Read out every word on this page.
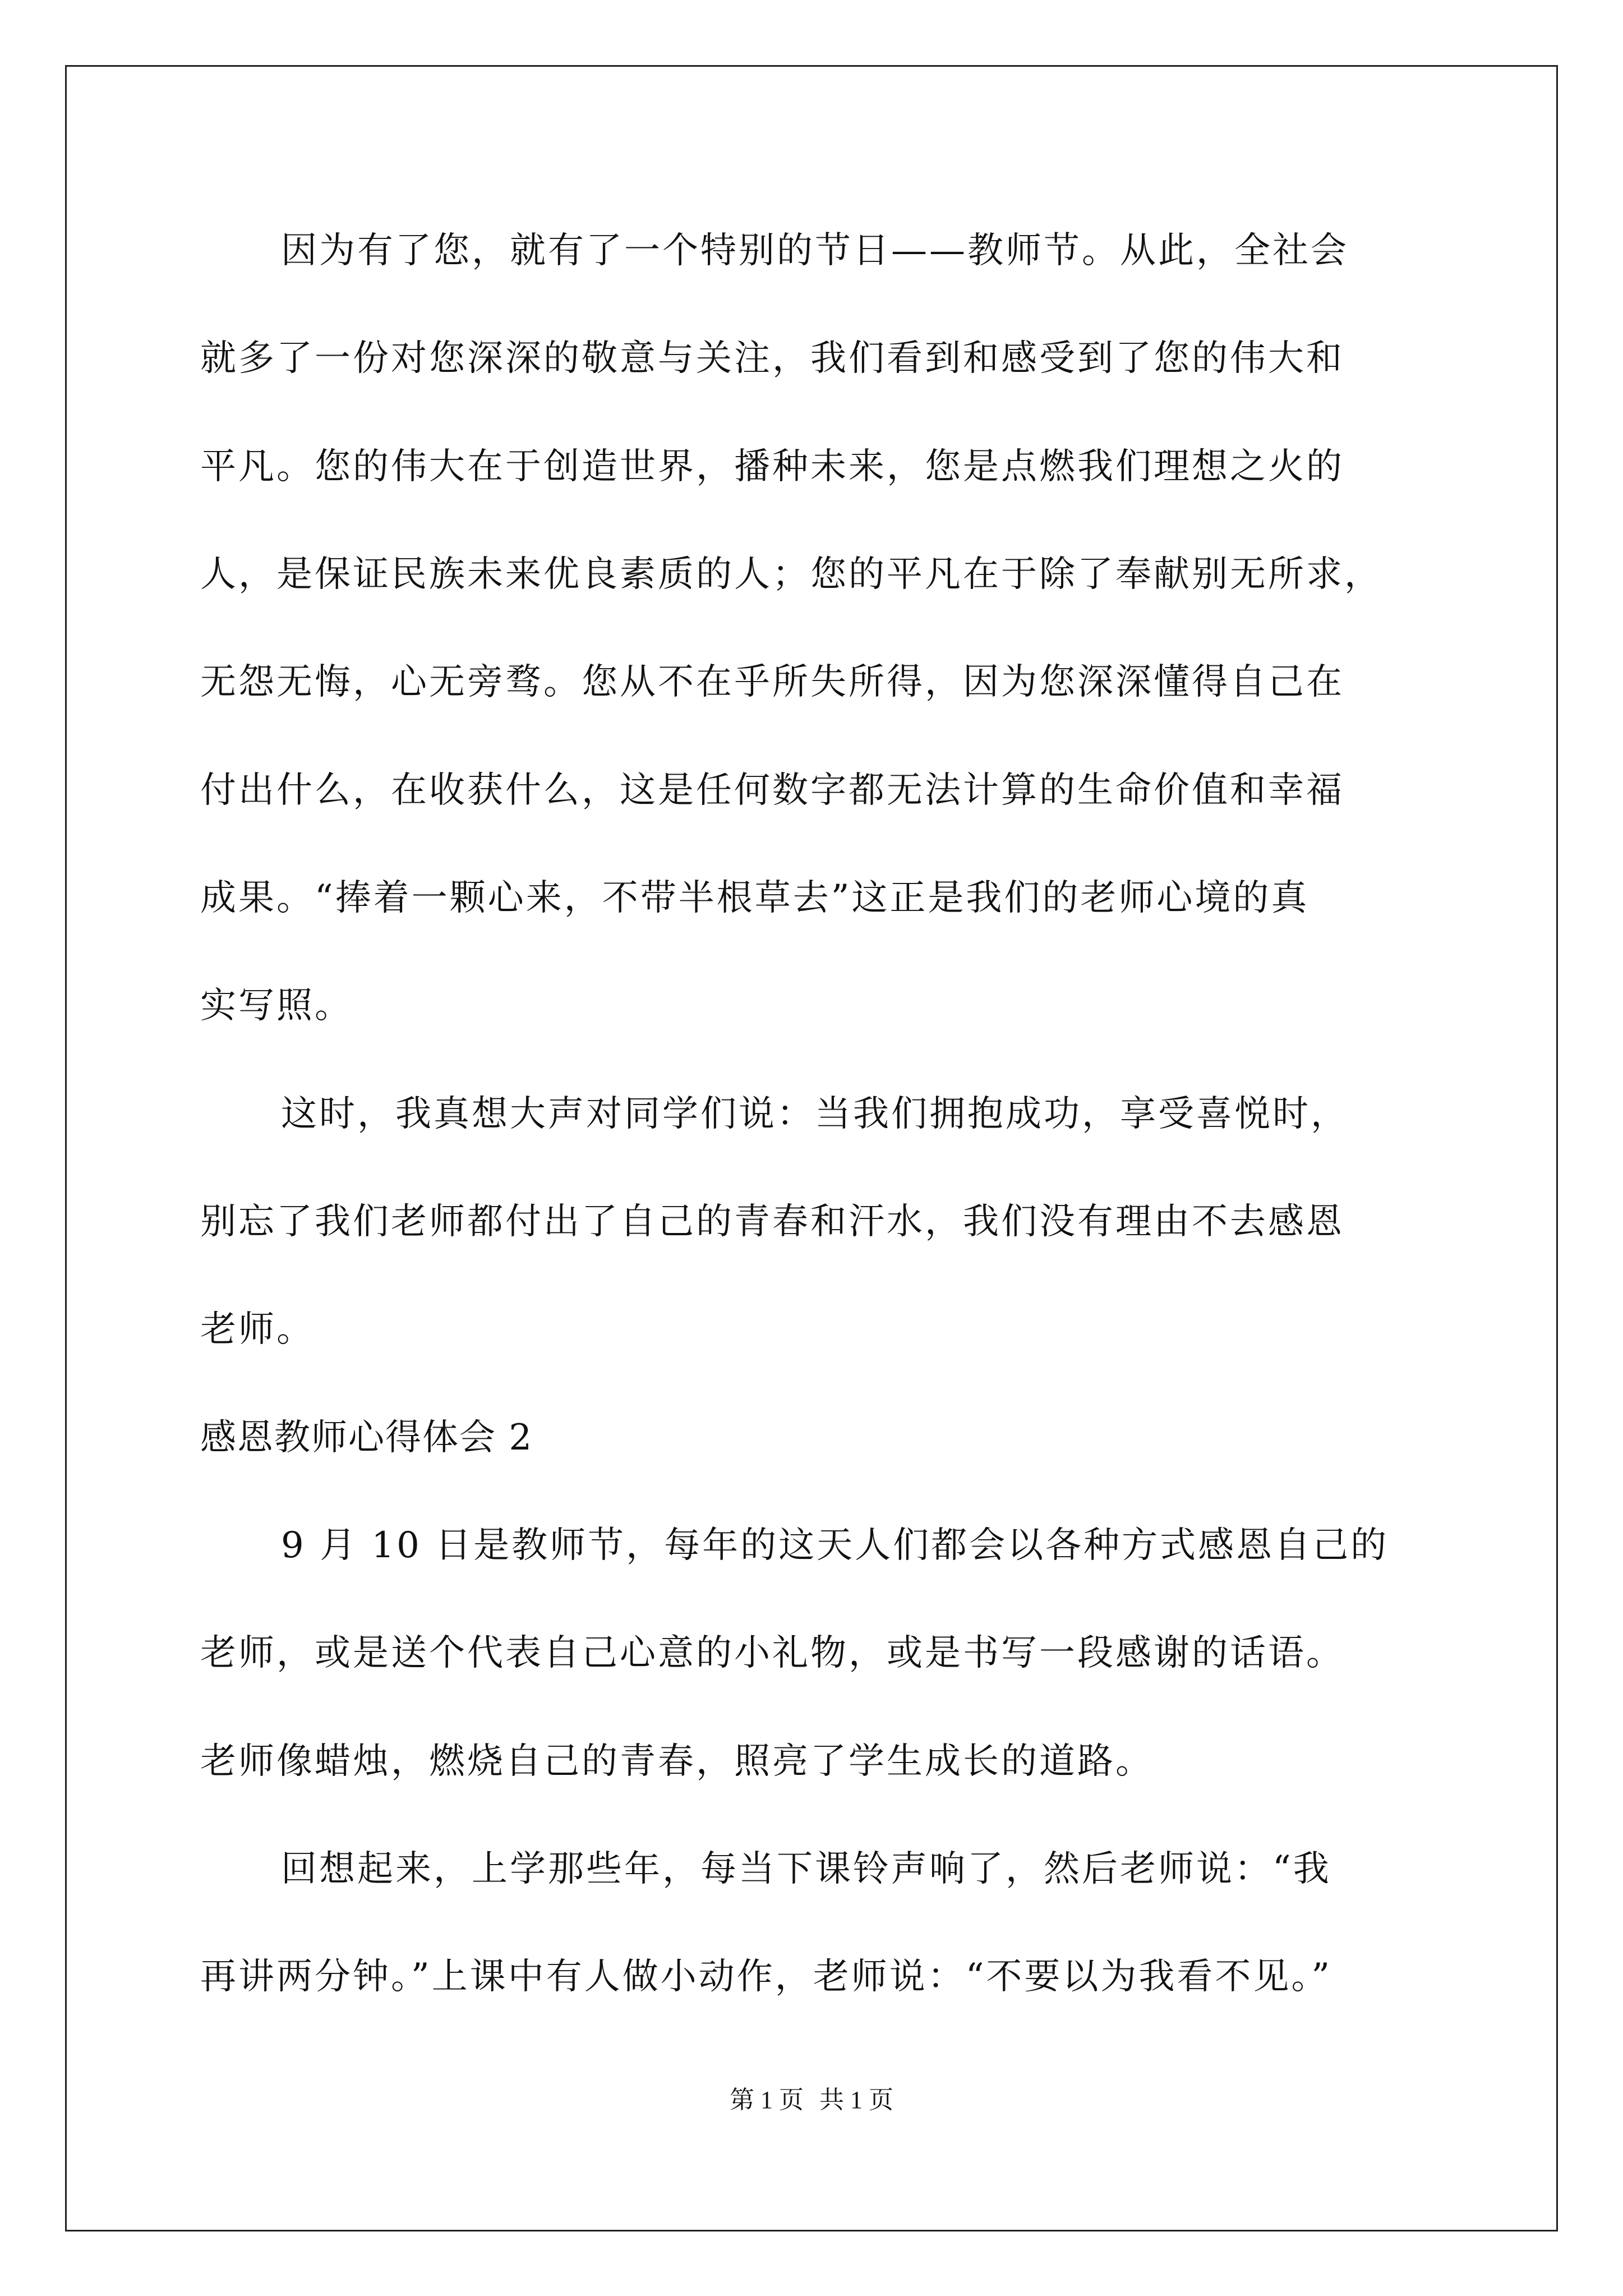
因为有了您，就有了一个特别的节日——教师节。从此，全社会
就多了一份对您深深的敬意与关注，我们看到和感受到了您的伟大和
平凡。您的伟大在于创造世界，播种未来，您是点燃我们理想之火的
人，是保证民族未来优良素质的人；您的平凡在于除了奉献别无所求，
无怨无悔，心无旁骛。您从不在乎所失所得，因为您深深懂得自己在
付出什么，在收获什么，这是任何数字都无法计算的生命价值和幸福
成果。“捧着一颗心来，不带半根草去”这正是我们的老师心境的真
实写照。
这时，我真想大声对同学们说：当我们拥抱成功，享受喜悦时，
别忘了我们老师都付出了自己的青春和汗水，我们没有理由不去感恩
老师。
感恩教师心得体会 2
9 月 10 日是教师节，每年的这天人们都会以各种方式感恩自己的
老师，或是送个代表自己心意的小礼物，或是书写一段感谢的话语。
老师像蜡烛，燃烧自己的青春，照亮了学生成长的道路。
回想起来，上学那些年，每当下课铃声响了，然后老师说：“我
再讲两分钟。”上课中有人做小动作，老师说：“不要以为我看不见。”
第 1 页 共 1 页
